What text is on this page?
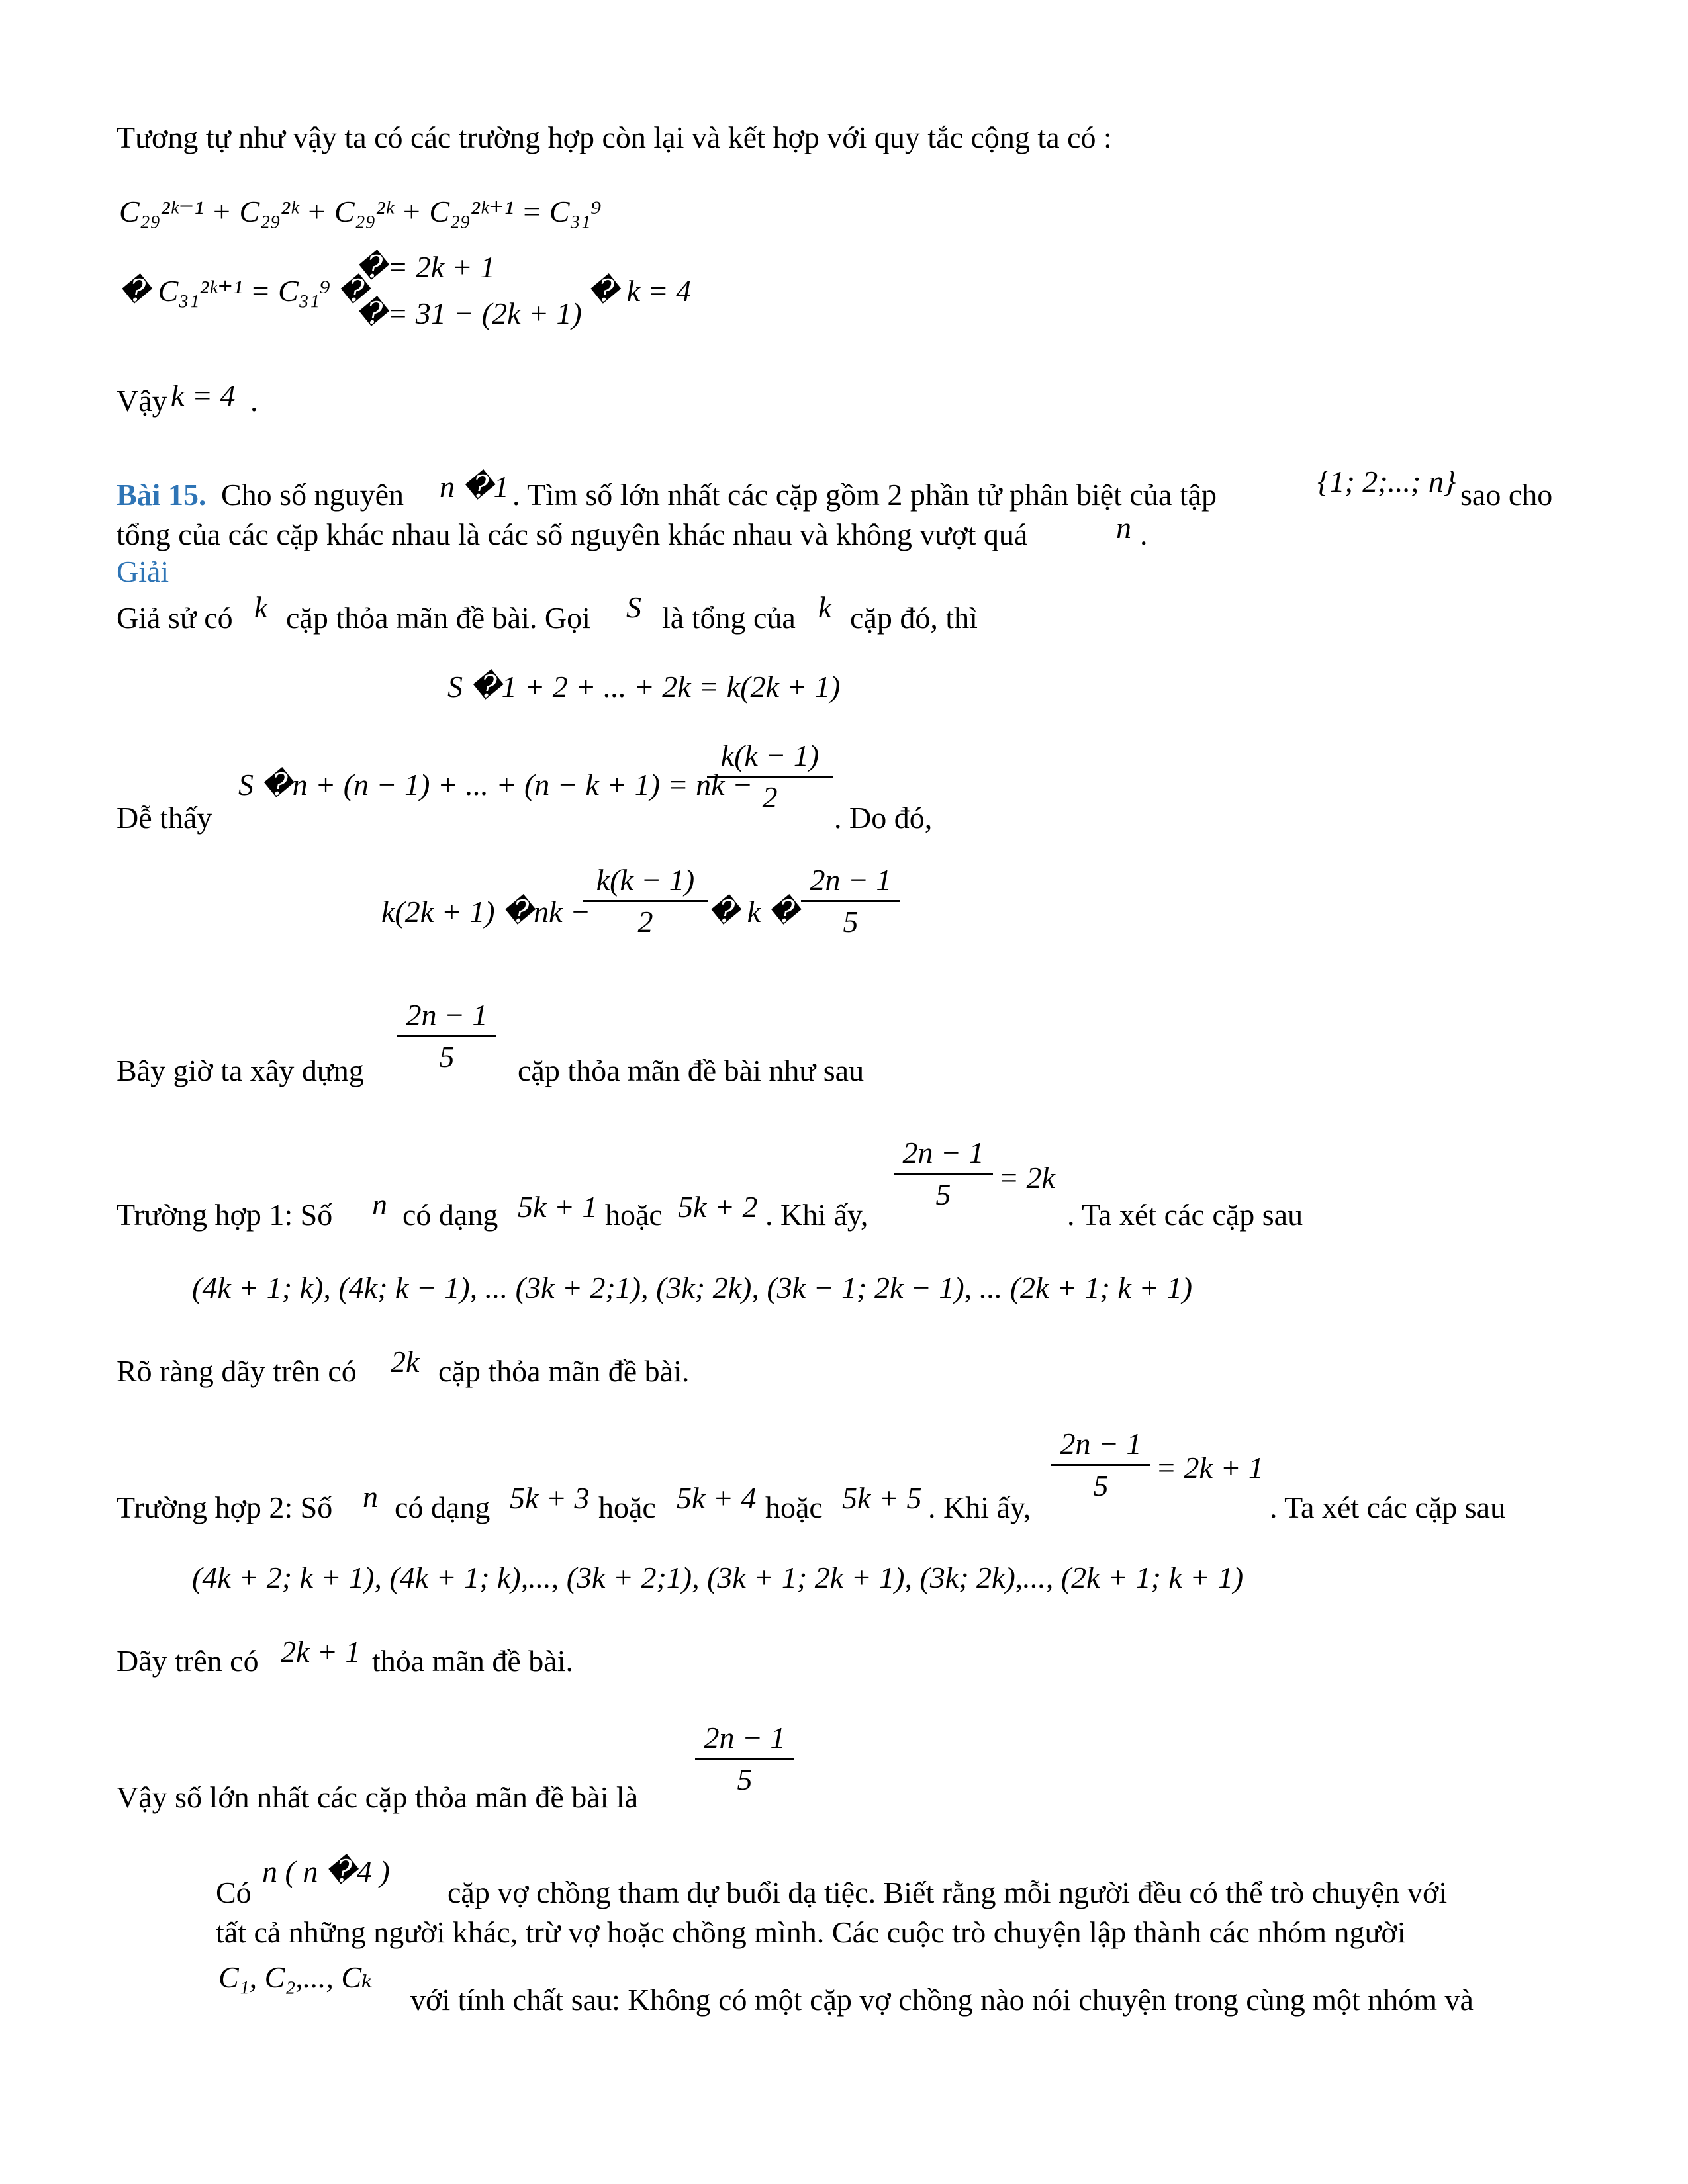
Tương tự như vậy ta có các trường hợp còn lại và kết hợp với quy tắc cộng ta có :
C₂₉²ᵏ⁻¹ + C₂₉²ᵏ + C₂₉²ᵏ + C₂₉²ᵏ⁺¹ = C₃₁⁹
� C₃₁²ᵏ⁺¹ = C₃₁⁹ �
�= 2k + 1
�= 31 − (2k + 1)
� k = 4
Vậy k = 4 .
Bài 15. Cho số nguyên n �1 . Tìm số lớn nhất các cặp gồm 2 phần tử phân biệt của tập	{1; 2;...; n} sao cho
tổng của các cặp khác nhau là các số nguyên khác nhau và không vượt quá	n .
Giải
Giả sử có k cặp thỏa mãn đề bài. Gọi S là tổng của k cặp đó, thì
S �1 + 2 + ... + 2k = k(2k + 1)
Dễ thấy
S �n + (n − 1) + ... + (n − k + 1) = nk −
k(k − 1)
2
. Do đó,
k(2k + 1) �nk −
k(k − 1)
2	� k �
2n − 1
5
Bây giờ ta xây dựng
2n − 1
5	cặp thỏa mãn đề bài như sau
Trường hợp 1: Số n có dạng 5k + 1 hoặc 5k + 2 . Khi ấy,
2n − 1
5	= 2k
. Ta xét các cặp sau
(4k + 1; k), (4k; k − 1), ... (3k + 2;1), (3k; 2k), (3k − 1; 2k − 1), ... (2k + 1; k + 1)
Rõ ràng dãy trên có 2k cặp thỏa mãn đề bài.
Trường hợp 2: Số n có dạng 5k + 3 hoặc 5k + 4 hoặc 5k + 5 . Khi ấy,
2n − 1
5
= 2k + 1
. Ta xét các cặp sau
(4k + 2; k + 1), (4k + 1; k),..., (3k + 2;1), (3k + 1; 2k + 1), (3k; 2k),..., (2k + 1; k + 1)
Dãy trên có 2k + 1 thỏa mãn đề bài.
Vậy số lớn nhất các cặp thỏa mãn đề bài là
2n − 1
5
Có
n ( n �4 )
cặp vợ chồng tham dự buổi dạ tiệc. Biết rằng mỗi người đều có thể trò chuyện với
tất cả những người khác, trừ vợ hoặc chồng mình. Các cuộc trò chuyện lập thành các nhóm người
C₁, C₂,..., Cₖ
với tính chất sau: Không có một cặp vợ chồng nào nói chuyện trong cùng một nhóm và
